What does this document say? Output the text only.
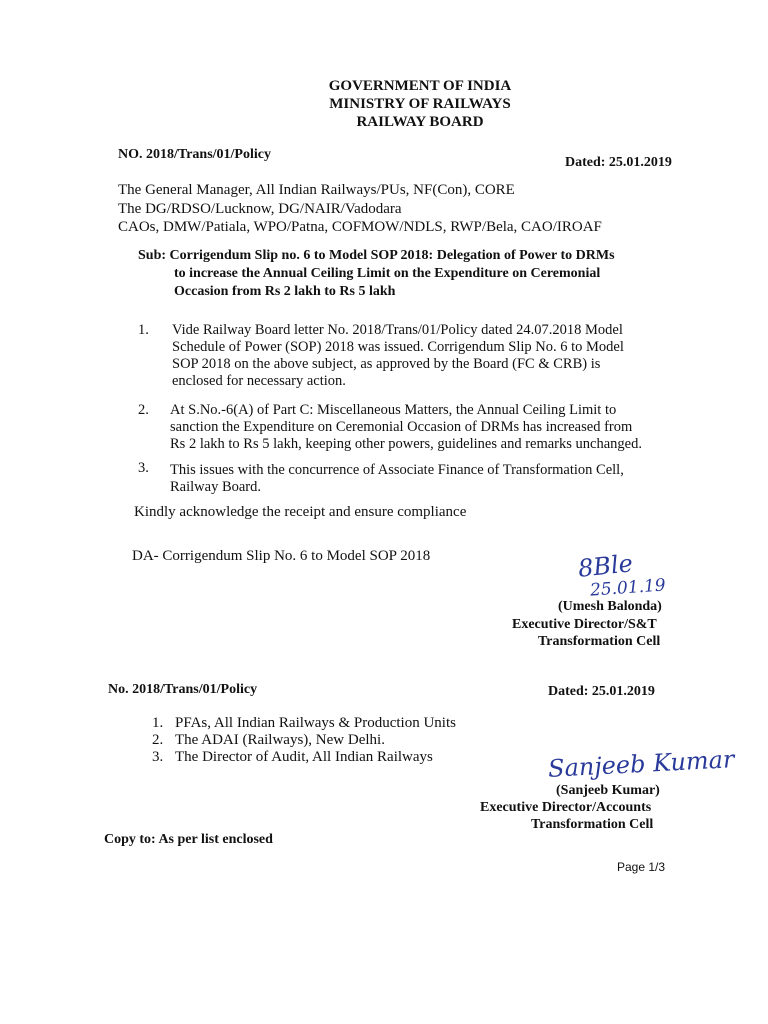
GOVERNMENT OF INDIA
MINISTRY OF RAILWAYS
RAILWAY BOARD
NO. 2018/Trans/01/Policy
Dated: 25.01.2019
The General Manager, All Indian Railways/PUs, NF(Con), CORE
The DG/RDSO/Lucknow, DG/NAIR/Vadodara
CAOs, DMW/Patiala, WPO/Patna, COFMOW/NDLS, RWP/Bela, CAO/IROAF
Sub: Corrigendum Slip no. 6 to Model SOP 2018: Delegation of Power to DRMs
to increase the Annual Ceiling Limit on the Expenditure on Ceremonial
Occasion from Rs 2 lakh to Rs 5 lakh
1. Vide Railway Board letter No. 2018/Trans/01/Policy dated 24.07.2018 Model
Schedule of Power (SOP) 2018 was issued. Corrigendum Slip No. 6 to Model
SOP 2018 on the above subject, as approved by the Board (FC & CRB) is
enclosed for necessary action.
2. At S.No.-6(A) of Part C: Miscellaneous Matters, the Annual Ceiling Limit to
sanction the Expenditure on Ceremonial Occasion of DRMs has increased from
Rs 2 lakh to Rs 5 lakh, keeping other powers, guidelines and remarks unchanged.
3. This issues with the concurrence of Associate Finance of Transformation Cell,
Railway Board.
Kindly acknowledge the receipt and ensure compliance
DA- Corrigendum Slip No. 6 to Model SOP 2018	8Ble
25.01.19
(Umesh Balonda)
Executive Director/S&T
Transformation Cell
No. 2018/Trans/01/Policy	Dated: 25.01.2019
1. PFAs, All Indian Railways & Production Units
2. The ADAI (Railways), New Delhi.
3. The Director of Audit, All Indian Railways	Sanjeeb Kumar
(Sanjeeb Kumar)
Executive Director/Accounts
Transformation Cell
Copy to: As per list enclosed
Page 1/3
